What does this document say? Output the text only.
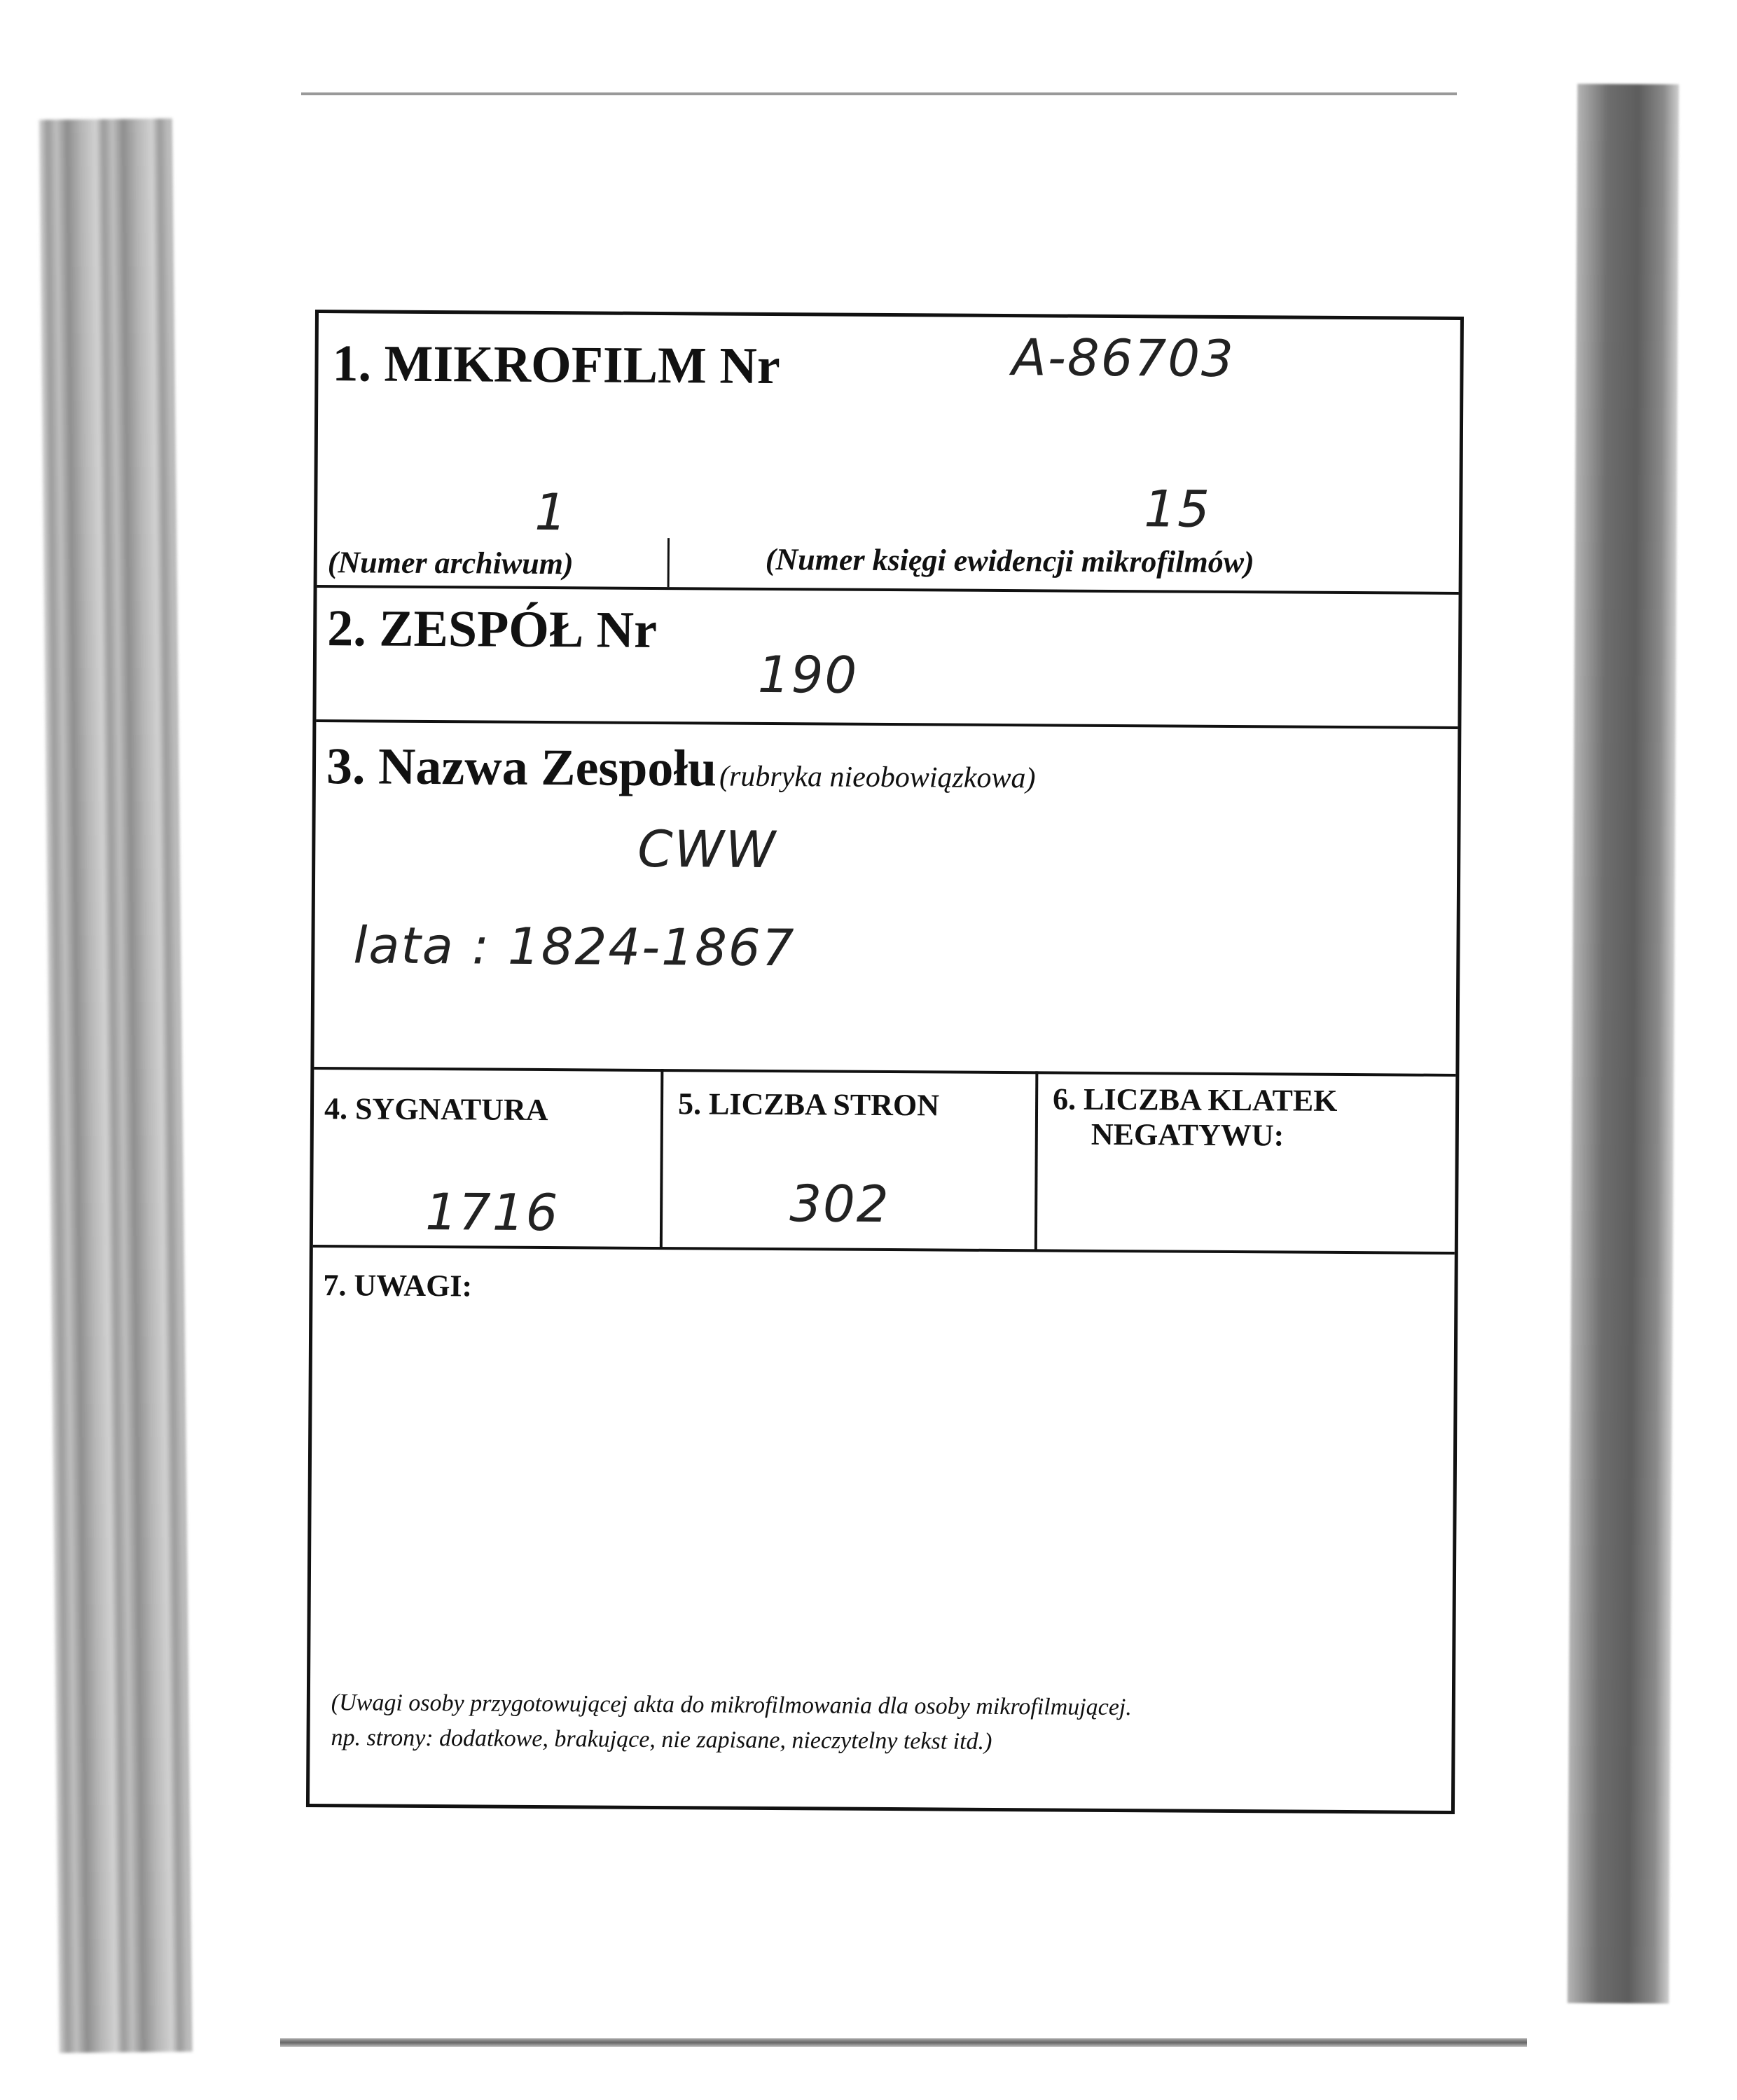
1. MIKROFILM Nr	A-86703
1	15
(Numer archiwum)	(Numer księgi ewidencji mikrofilmów)
2. ZESPÓŁ Nr
190
3. Nazwa Zespołu (rubryka nieobowiązkowa)
CWW
lata : 1824-1867
4. SYGNATURA
1716
5. LICZBA STRON
302
6. LICZBA KLATEK
NEGATYWU:
7. UWAGI:
(Uwagi osoby przygotowującej akta do mikrofilmowania dla osoby mikrofilmującej.
np. strony: dodatkowe, brakujące, nie zapisane, nieczytelny tekst itd.)
